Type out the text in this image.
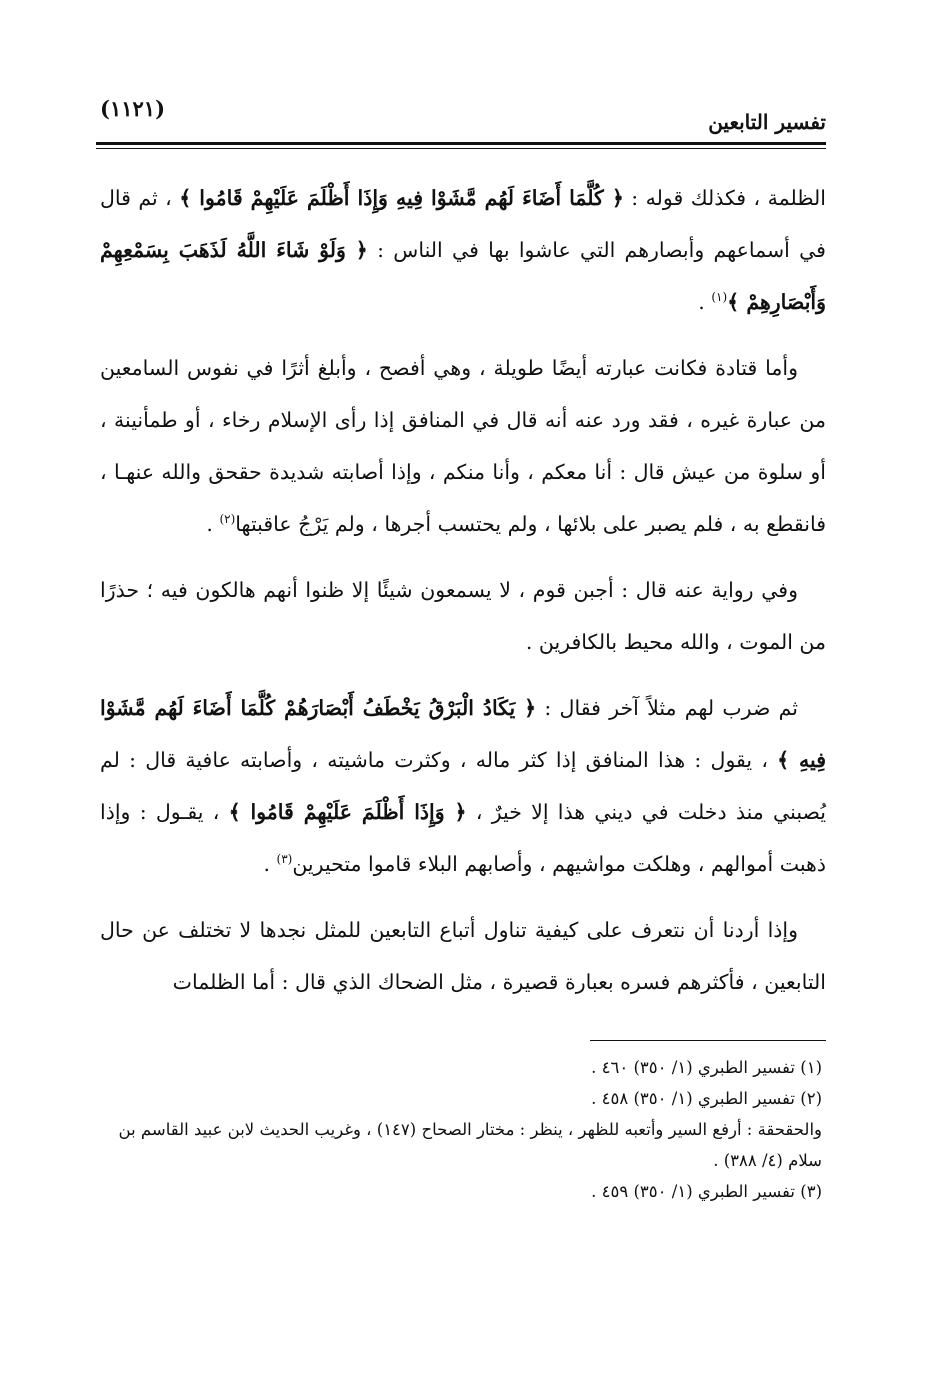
تفسير التابعين
(١١٢١)

الظلمة ، فكذلك قوله : ﴿ كُلَّمَا أَضَاءَ لَهُم مَّشَوْا فِيهِ وَإِذَا أَظْلَمَ عَلَيْهِمْ قَامُوا ﴾ ، ثم قال في أسماعهم وأبصارهم التي عاشوا بها في الناس : ﴿ وَلَوْ شَاءَ اللَّهُ لَذَهَبَ بِسَمْعِهِمْ وَأَبْصَارِهِمْ ﴾$^{(١)}$ .

وأما قتادة فكانت عبارته أيضًا طويلة ، وهي أفصح ، وأبلغ أثرًا في نفوس السامعين من عبارة غيره ، فقد ورد عنه أنه قال في المنافق إذا رأى الإسلام رخاء ، أو طمأنينة ، أو سلوة من عيش قال : أنا معكم ، وأنا منكم ، وإذا أصابته شديدة حقحق والله عنهـا ، فانقطع به ، فلم يصبر على بلائها ، ولم يحتسب أجرها ، ولم يَرْجُ عاقبتها$^{(٢)}$ .

وفي رواية عنه قال : أجبن قوم ، لا يسمعون شيئًا إلا ظنوا أنهم هالكون فيه ؛ حذرًا من الموت ، والله محيط بالكافرين .

ثم ضرب لهم مثلاً آخر فقال : ﴿ يَكَادُ الْبَرْقُ يَخْطَفُ أَبْصَارَهُمْ كُلَّمَا أَضَاءَ لَهُم مَّشَوْا فِيهِ ﴾ ، يقول : هذا المنافق إذا كثر ماله ، وكثرت ماشيته ، وأصابته عافية قال : لم يُصبني منذ دخلت في ديني هذا إلا خيرٌ ، ﴿ وَإِذَا أَظْلَمَ عَلَيْهِمْ قَامُوا ﴾ ، يقـول : وإذا ذهبت أموالهم ، وهلكت مواشيهم ، وأصابهم البلاء قاموا متحيرين$^{(٣)}$ .

وإذا أردنا أن نتعرف على كيفية تناول أتباع التابعين للمثل نجدها لا تختلف عن حال التابعين ، فأكثرهم فسره بعبارة قصيرة ، مثل الضحاك الذي قال : أما الظلمات

(١) تفسير الطبري (١/ ٣٥٠) ٤٦٠ .

(٢) تفسير الطبري (١/ ٣٥٠) ٤٥٨ .

والحقحقة : أرفع السير وأتعبه للظهر ، ينظر : مختار الصحاح (١٤٧) ، وغريب الحديث لابن عبيد القاسم بن سلام (٤/ ٣٨٨) .

(٣) تفسير الطبري (١/ ٣٥٠) ٤٥٩ .
